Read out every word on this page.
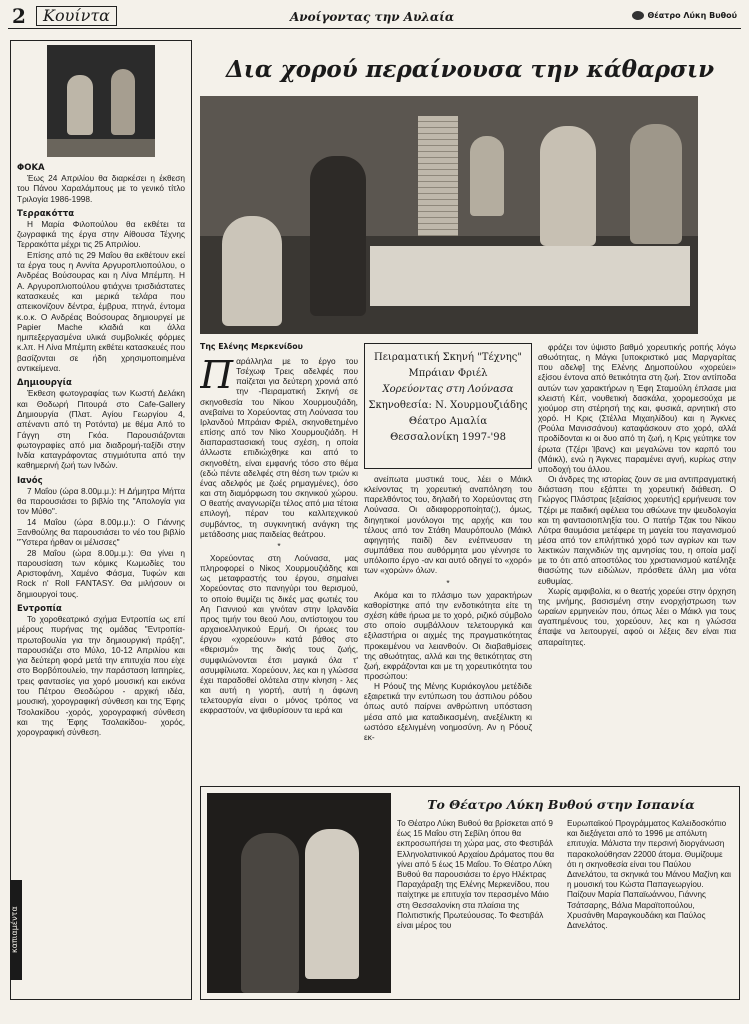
2	Κουίντα	Ανοίγοντας την Αυλαία	Θέατρο Λύκη Βυθού
ΦΟΚΑ

Έως 24 Απριλίου θα διαρκέσει η έκθεση του Πάνου Χαραλάμπους με το γενικό τίτλο Τριλογία 1986-1998.

Τερρακόττα

Η Μαρία Φιλοπούλου θα εκθέτει τα ζωγραφικά της έργα στην Αίθουσα Τέχνης Τερρακόττα μέχρι τις 25 Απριλίου.

Επίσης από τις 29 Μαΐου θα εκθέτουν εκεί τα έργα τους η Αννίτα Αργυροπλιοπούλου, ο Ανδρέας Βούσουρας και η Λίνα Μπέμπη. Η Α. Αργυροπλιοπούλου φτιάχνει τρισδιάστατες κατασκευές και μερικά τελάρα που απεικονίζουν δέντρα, έμβρυα, πτηνά, έντομα κ.ο.κ. Ο Ανδρέας Βούσουρας δημιουργεί με Papier Mache κλαδιά και άλλα ημιπεξεργασμένα υλικά συμβολικές φόρμες κ.λπ. Η Λίνα Μπέμπη εκθέτει κατασκευές που βασίζονται σε ήδη χρησιμοποιημένα αντικείμενα.

Δημιουργία

Έκθεση φωτογραφίας των Κωστή Δελάκη και Θοδωρή Πιτουρά στο Cafe-Gallery Δημιουργία (Πλατ. Αγίου Γεωργίου 4, απέναντι από τη Ροτόντα) με θέμα Από το Γάγγη στη Γκόα. Παρουσιάζονται φωτογραφίες από μια διαδρομή-ταξίδι στην Ινδία καταγράφοντας στιγμιότυπα από την καθημερινή ζωή των Ινδών.

Ιανός

7 Μαΐου (ώρα 8.00μ.μ.): Η Δήμητρα Μήττα θα παρουσιάσει το βιβλίο της "Απολογία για τον Μύθο".

14 Μαΐου (ώρα 8.00μ.μ.): Ο Γιάννης Ξανθούλης θα παρουσιάσει το νέο του βιβλίο "Ύστερα ήρθαν οι μέλισσες"

28 Μαΐου (ώρα 8.00μ.μ.): Θα γίνει η παρουσίαση των κόμικς Κωμωδίες του Αριστοφάνη, Χαμένο Φάσμα, Τυφών και Rock n' Roll FANTASY. Θα μιλήσουν οι δημιουργοί τους.

Εντροπία

Το χοροθεατρικό σχήμα Εντροπία ως επί μέρους πυρήνας της ομάδας "Εντροπία-πρωτοβουλία για την δημιουργική πράξη", παρουσιάζει στο Μύλο, 10-12 Απριλίου και για δεύτερη φορά μετά την επιτυχία που είχε στο Βορβόπουλείο, την παράσταση Ιαπηρίες, τρεις φαντασίες για χορό μουσική και εικόνα του Πέτρου Θεοδώρου - αρχική ιδέα, μουσική, χορογραφική σύνθεση και της Έφης Τσολακίδου -χορός, χορογραφική σύνθεση και της Έφης Τσολακίδου- χορός, χορογραφική σύνθεση.

καπιαμέντα
Δια χορού περαίνουσα την κάθαρσιν
Της Ελένης Μερκενίδου

Παράλληλα με το έργο του Τσέχωφ Τρεις αδελφές που παίζεται για δεύτερη χρονιά από την -Πειραματική Σκηνή σε σκηνοθεσία του Νίκου Χουρμουζιάδη, ανεβαίνει το Χορεύοντας στη Λούνασα του Ιρλανδού Μπράιαν Φριέλ, σκηνοθετημένο επίσης από τον Νίκο Χουρμουζιάδη. Η διαπαραστασιακή τους σχέση, η οποία άλλωστε επιδιώχθηκε και από το σκηνοθέτη, είναι εμφανής τόσο στο θέμα (εδώ πέντε αδελφές στη θέση των τριών κι ένας αδελφός με ζωές ρημαγμένες), όσο και στη διαμόρφωση του σκηνικού χώρου. Ο θεατής αναγνωρίζει τέλος από μια τέτοια επιλογή, πέραν του καλλιτεχνικού συμβάντος, τη συγκινητική ανάγκη της μετάδοσης μιας παιδείας θεάτρου.

*

Χορεύοντας στη Λούνασα, μας πληροφορεί ο Νίκος Χουρμουζιάδης και ως μεταφραστής του έργου, σημαίνει Χορεύοντας στο πανηγύρι του θερισμού, το οποίο θυμίζει τις δικές μας φωτιές του Αη Γιαννιού και γινόταν στην Ιρλανδία προς τιμήν του θεού Λου, αντίστοιχου του αρχαιοελληνικού Ερμή. Οι ήρωες του έργου «χορεύουν» κατά βάθος στο «θερισμό» της δικής τους ζωής, συμφιλιώνονται έτσι μαγικά όλα τ' ασυμφίλιωτα. Χορεύουν, λες και η γλώσσα έχει παραδοθεί ολότελα στην κίνηση - λες και αυτή η γιορτή, αυτή η άφωνη τελετουργία είναι ο μόνος τρόπος να εκφραστούν, να ψιθυρίσουν τα ιερά και

Πειραματική Σκηνή "Τέχνης"
Μπράιαν Φριέλ
Χορεύοντας στη Λούνασα
Σκηνοθεσία: Ν. Χουρμουζιάδης
Θέατρο Αμαλία
Θεσσαλονίκη 1997-'98

ανείπωτα μυστικά τους, λέει ο Μάικλ κλείνοντας τη χορευτική αναπόληση του παρελθόντος του, δηλαδή το Χορεύοντας στη Λούνασα. Οι αδιαφορροποίητα(;), όμως, διηγητικοί μονόλογοι της αρχής και του τέλους από τον Στάθη Μαυρόπουλο (Μάικλ αφηγητής παιδί) δεν ενέπνευσαν τη συμπάθεια που αυθόρμητα μου γέννησε το υπόλοιπο έργο -αν και αυτό οδηγεί το «χορό» των «χορών» όλων.

*

Ακόμα και το πλάσιμο των χαρακτήρων καθορίστηκε από την ενδοτικότητα είτε τη σχέση κάθε ήρωα με το χορό, ριζικό σύμβολο στο οποίο συμβάλλουν τελετουργικά και εξιλαστήρια οι αιχμές της πραγματικότητας προκειμένου να λειανθούν. Οι διαβαθμίσεις της αθωότητας, αλλά και της θετικότητας στη ζωή, εκφράζονται και με τη χορευτικότητα του προσώπου:

Η Ρόουζ της Μένης Κυριάκογλου μετέδιδε εξαιρετικά την εντύπωση του άσπιλου ρόδου όπως αυτό παίρνει ανθρώπινη υπόσταση μέσα από μια καταδικασμένη, ανεξέλικτη κι ωστόσο εξελιγμένη νοημοσύνη. Αν η Ρόουζ εκ-

φράζει τον ύψιστο βαθμό χορευτικής ροπής λόγω αθωότητας, η Μάγκι [υποκριστικό μας Μαργαρίτας που αδελφ] της Ελένης Δημοπούλου «χορεύει» εξίσου έντονα από θετικότητα στη ζωή. Στον αντίποδα αυτών των χαρακτήρων η Έφη Σταμούλη έπλασε μια κλειστή Κέιτ, νουθετική δασκάλα, χορομεσούχα με χιούμορ στη στέρησή της και, φυσικά, αρνητική στο χορό. Η Κρις (Στέλλα Μιχαηλίδου) και η Άγκνες (Ρούλα Μανισσάνου) καταφάσκουν στο χορό, αλλά προδίδονται κι οι δυο από τη ζωή, η Κρις γεύτηκε τον έρωτα (Τζέρι Ίβανς) και μεγαλώνει τον καρπό του (Μάικλ), ενώ η Άγκνες παραμένει αγνή, κυρίως στην υποδοχή του άλλου.

Οι άνδρες της ιστορίας ζουν σε μια αντιπραγματική διάσταση που εξάπτει τη χορευτική διάθεση. Ο Γιώργος Πλάστρας [εξαίσιος χορευτής] ερμήνευσε τον Τζέρι με παιδική αφέλεια του αθώωνε την ψευδολογία και τη φαντασιοπληξία του. Ο πατήρ Τζακ του Νίκου Λύτρα θαυμάσια μετέφερε τη μαγεία του παγανισμού μέσα από τον επιλήπτικό χορό των αγρίων και των λεκτικών παιχνιδιών της αμνησίας του, η οποία μαζί με το ότι από αποστόλος του χριστιανισμού κατέληξε θιασώτης των ειδώλων, πρόσθετε άλλη μια νότα ευθυμίας.

Χωρίς αμφιβολία, κι ο θεατής χορεύει στην όρχηση της μνήμης, βασισμένη στην ενορχήστρωση των ωραίων ερμηνειών που, όπως λέει ο Μάικλ για τους αγαπημένους του, χορεύουν, λες και η γλώσσα έπαψε να λειτουργεί, αφού οι λέξεις δεν είναι πια απαραίτητες.

Το Θέατρο Λύκη Βυθού στην Ισπανία

Το Θέατρο Λύκη Βυθού θα βρίσκεται από 9 έως 15 Μαΐου στη Σεβίλη όπου θα εκπροσωπήσει τη χώρα μας, στο Φεστιβάλ Ελληνολατινικού Αρχαίου Δράματος που θα γίνει από 5 έως 15 Μαΐου. Το Θέατρο Λύκη Βυθού θα παρουσιάσει το έργο Ηλέκτρας Παραχάραξη της Ελένης Μερκενίδου, που παίχτηκε με επιτυχία τον περασμένο Μάιο στη Θεσσαλονίκη στα πλαίσια της Πολιτιστικής Πρωτεύουσας. Το Φεστιβάλ είναι μέρος του

Ευρωπαϊκού Προγράμματος Καλειδοσκόπιο και διεξάγεται από το 1996 με απόλυτη επιτυχία. Μάλιστα την περσινή διοργάνωση παρακολούθησαν 22000 άτομα. Θυμίζουμε ότι η σκηνοθεσία είναι του Παύλου Δανελάτου, τα σκηνικά του Μάνου Μαζίνη και η μουσική του Κώστα Παπαγεωργίου. Παίζουν Μαρία Παπαϊωάννου, Γιάννης Τσάτσαρης, Βάλια Μαραϊτοπούλου, Χρυσάνθη Μαραγκουδάκη και Παύλος Δανελάτος.
